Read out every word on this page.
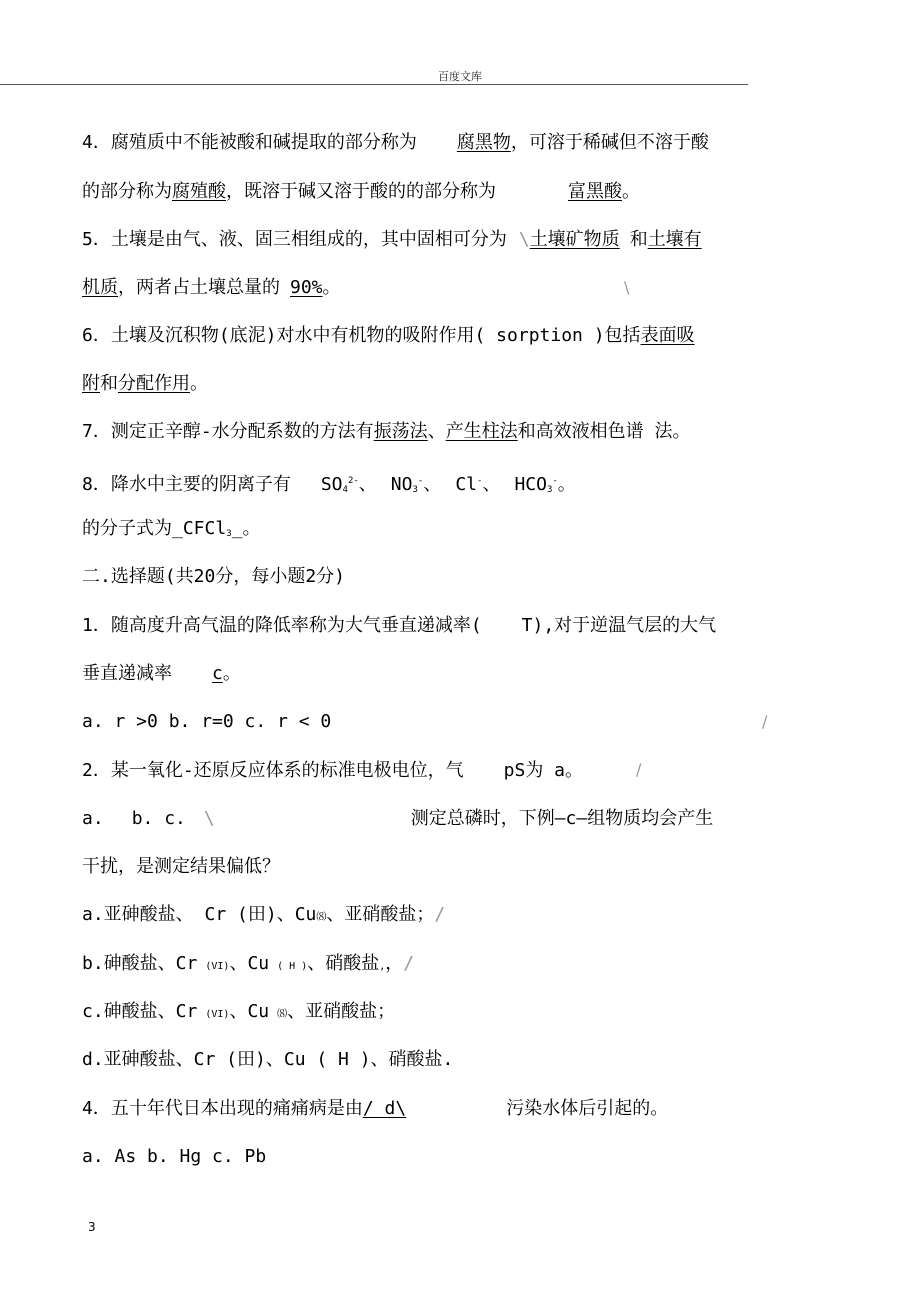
百度文库
4．腐殖质中不能被酸和碱提取的部分称为 腐黑物，可溶于稀碱但不溶于酸
的部分称为腐殖酸，既溶于碱又溶于酸的的部分称为	富黑酸。
5．土壤是由气、液、固三相组成的，其中固相可分为 \土壤矿物质 和土壤有
机质，两者占土壤总量的 90%。	\
6．土壤及沉积物(底泥)对水中有机物的吸附作用( sorption )包括表面吸
附和分配作用。
7．测定正辛醇-水分配系数的方法有振荡法、产生柱法和高效液相色谱 法。
8．降水中主要的阴离子有 $SO_4^{2-}$、 $NO_3^-$、 Cl-、 $HCO_3^-$。
的分子式为_CFCl$_3$_。
二.选择题(共20分，每小题2分)
1．随高度升高气温的降低率称为大气垂直递减率( T),对于逆温气层的大气
垂直递减率 c。
a. r >0 b. r=0 c. r < 0	/
2．某一氧化-还原反应体系的标准电极电位，气 pS为 a。	/
a. b. c. \	测定总磷时，下例—c—组物质均会产生
干扰，是测定结果偏低？
a.亚砷酸盐、 Cr (田)、Cu⑻、亚硝酸盐；/
b.砷酸盐、Cr (VI)、Cu ( H )、硝酸盐,，/
c.砷酸盐、Cr (VI)、Cu ⑻、亚硝酸盐；
d.亚砷酸盐、Cr (田)、Cu ( H )、硝酸盐.
4．五十年代日本出现的痛痛病是由/ d\	污染水体后引起的。
a. As b. Hg c. Pb
3
